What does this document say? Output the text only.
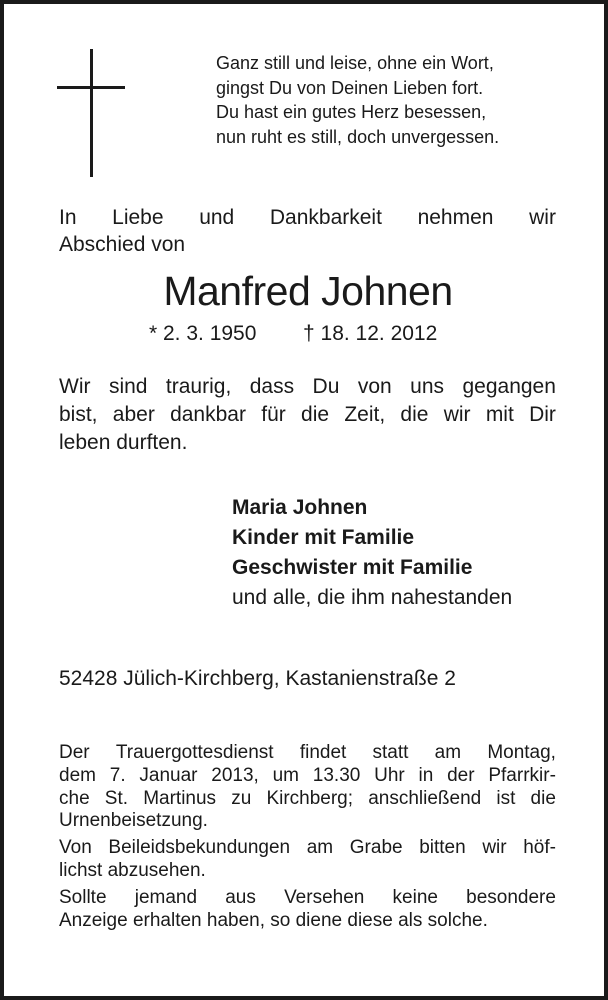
Ganz still und leise, ohne ein Wort,
gingst Du von Deinen Lieben fort.
Du hast ein gutes Herz besessen,
nun ruht es still, doch unvergessen.
In Liebe und Dankbarkeit nehmen wir
Abschied von
Manfred Johnen
* 2. 3. 1950 † 18. 12. 2012
Wir sind traurig, dass Du von uns gegangen
bist, aber dankbar für die Zeit, die wir mit Dir
leben durften.
Maria Johnen
Kinder mit Familie
Geschwister mit Familie
und alle, die ihm nahestanden
52428 Jülich-Kirchberg, Kastanienstraße 2
Der Trauergottesdienst findet statt am Montag,
dem 7. Januar 2013, um 13.30 Uhr in der Pfarrkir-
che St. Martinus zu Kirchberg; anschließend ist die
Urnenbeisetzung.
Von Beileidsbekundungen am Grabe bitten wir höf-
lichst abzusehen.
Sollte jemand aus Versehen keine besondere
Anzeige erhalten haben, so diene diese als solche.
